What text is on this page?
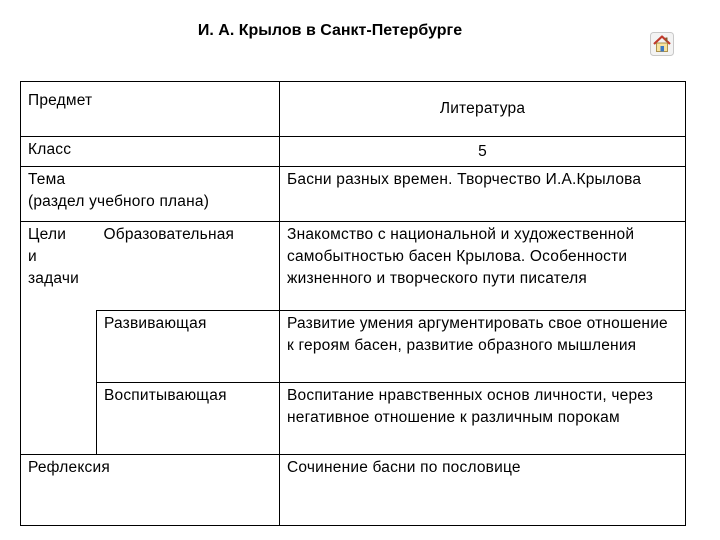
И. А. Крылов в Санкт-Петербурге
Предмет		Литература
Класс		5

Тема
(раздел учебного плана)		Басни разных времен. Творчество И.А.Крылова

Цели
и
задачи	Образовательная	Знакомство с национальной и художественной самобытностью басен Крылова. Особенности жизненного и творческого пути писателя
	Развивающая	Развитие умения аргументировать свое отношение к героям басен, развитие образного мышления
	Воспитывающая	Воспитание нравственных основ личности, через негативное отношение к различным порокам
Рефлексия		Сочинение басни по пословице
